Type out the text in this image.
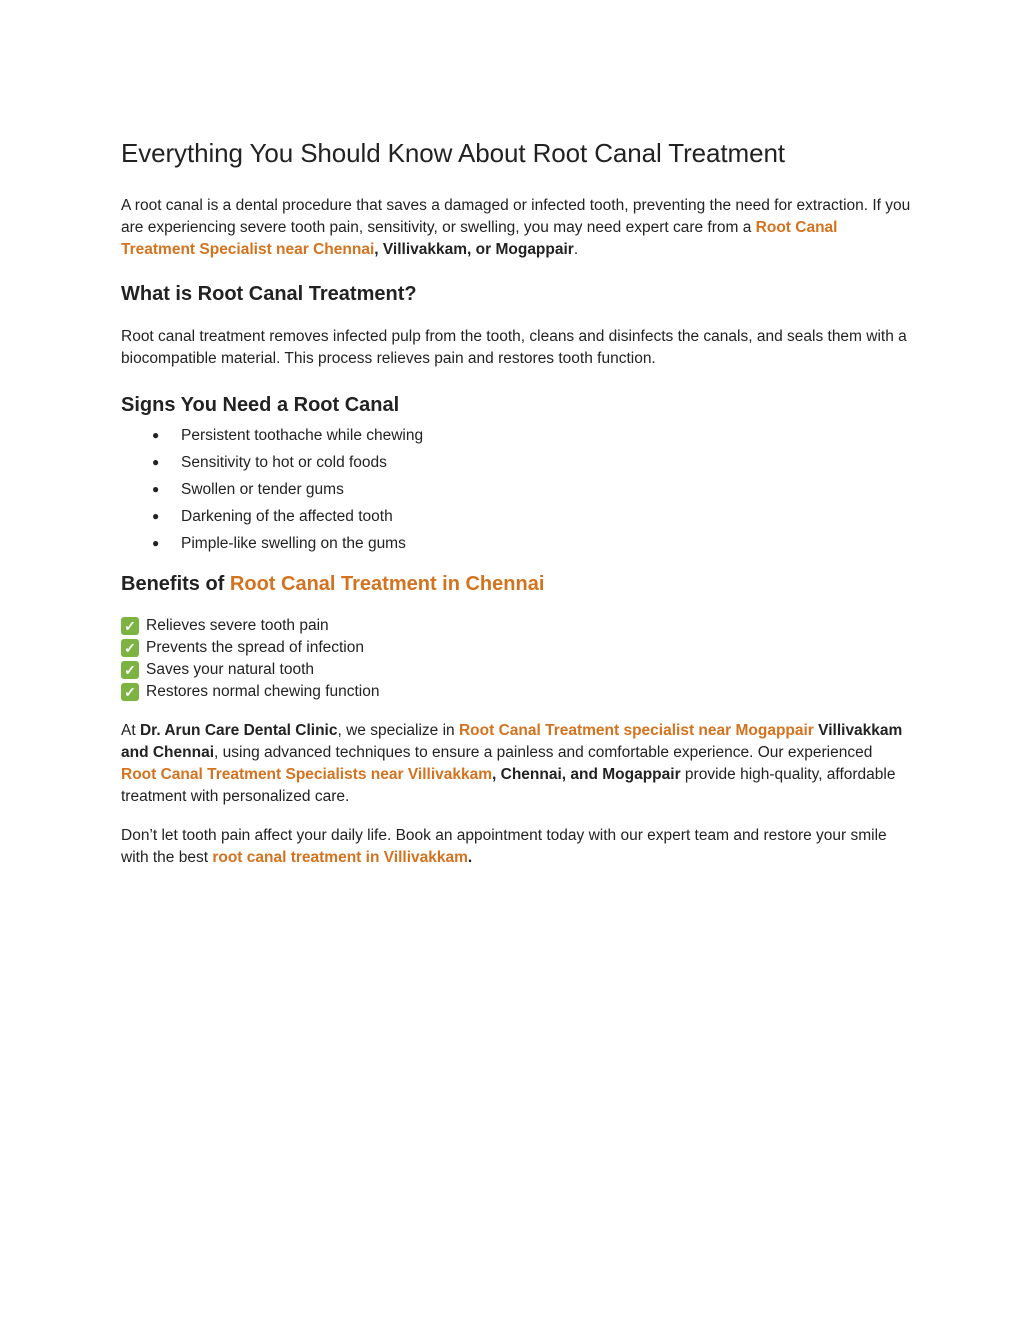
Everything You Should Know About Root Canal Treatment

A root canal is a dental procedure that saves a damaged or infected tooth, preventing the need for extraction. If you are experiencing severe tooth pain, sensitivity, or swelling, you may need expert care from a Root Canal Treatment Specialist near Chennai, Villivakkam, or Mogappair.

What is Root Canal Treatment?

Root canal treatment removes infected pulp from the tooth, cleans and disinfects the canals, and seals them with a biocompatible material. This process relieves pain and restores tooth function.

Signs You Need a Root Canal
● Persistent toothache while chewing
● Sensitivity to hot or cold foods
● Swollen or tender gums
● Darkening of the affected tooth
● Pimple-like swelling on the gums
Benefits of Root Canal Treatment in Chennai
✓ Relieves severe tooth pain
✓ Prevents the spread of infection
✓ Saves your natural tooth
✓ Restores normal chewing function

At Dr. Arun Care Dental Clinic, we specialize in Root Canal Treatment specialist near Mogappair Villivakkam and Chennai, using advanced techniques to ensure a painless and comfortable experience. Our experienced Root Canal Treatment Specialists near Villivakkam, Chennai, and Mogappair provide high-quality, affordable treatment with personalized care.

Don’t let tooth pain affect your daily life. Book an appointment today with our expert team and restore your smile with the best root canal treatment in Villivakkam.
